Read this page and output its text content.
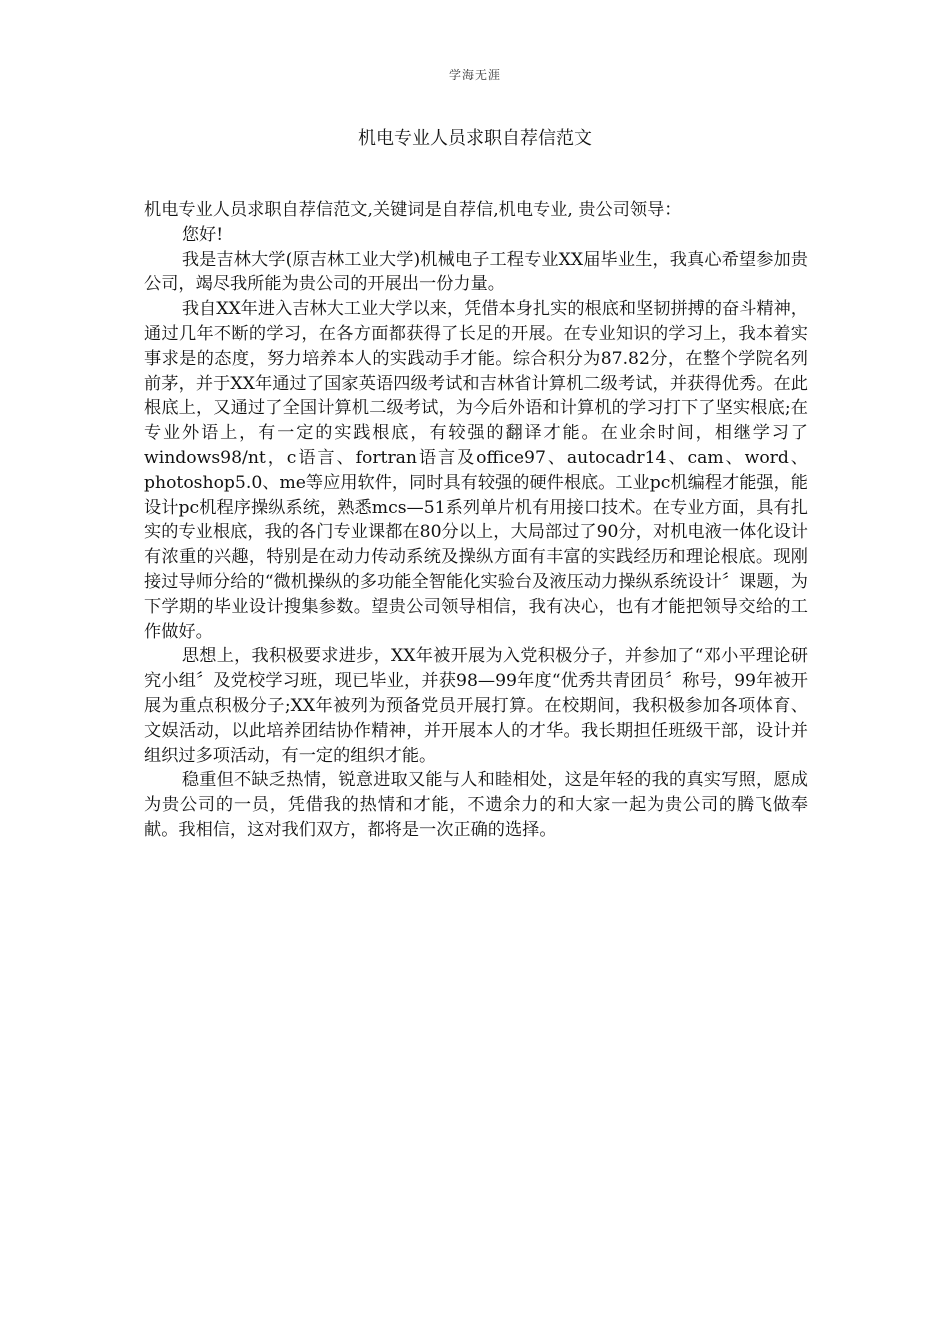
学海无涯
机电专业人员求职自荐信范文

机电专业人员求职自荐信范文,关键词是自荐信,机电专业, 贵公司领导：

您好!

我是吉林大学(原吉林工业大学)机械电子工程专业XX届毕业生，我真心希望参加贵公司，竭尽我所能为贵公司的开展出一份力量。

我自XX年进入吉林大工业大学以来，凭借本身扎实的根底和坚韧拼搏的奋斗精神，通过几年不断的学习，在各方面都获得了长足的开展。在专业知识的学习上，我本着实事求是的态度，努力培养本人的实践动手才能。综合积分为87.82分，在整个学院名列前茅，并于XX年通过了国家英语四级考试和吉林省计算机二级考试，并获得优秀。在此根底上，又通过了全国计算机二级考试，为今后外语和计算机的学习打下了坚实根底;在专业外语上，有一定的实践根底，有较强的翻译才能。在业余时间，相继学习了windows98/nt，c语言、fortran语言及office97、autocadr14、cam、word、photoshop5.0、me等应用软件，同时具有较强的硬件根底。工业pc机编程才能强，能设计pc机程序操纵系统，熟悉mcs—51系列单片机有用接口技术。在专业方面，具有扎实的专业根底，我的各门专业课都在80分以上，大局部过了90分，对机电液一体化设计有浓重的兴趣，特别是在动力传动系统及操纵方面有丰富的实践经历和理论根底。现刚接过导师分给的“微机操纵的多功能全智能化实验台及液压动力操纵系统设计〞课题，为下学期的毕业设计搜集参数。望贵公司领导相信，我有决心，也有才能把领导交给的工作做好。

思想上，我积极要求进步，XX年被开展为入党积极分子，并参加了“邓小平理论研究小组〞及党校学习班，现已毕业，并获98—99年度“优秀共青团员〞称号，99年被开展为重点积极分子;XX年被列为预备党员开展打算。在校期间，我积极参加各项体育、文娱活动，以此培养团结协作精神，并开展本人的才华。我长期担任班级干部，设计并组织过多项活动，有一定的组织才能。

稳重但不缺乏热情，锐意进取又能与人和睦相处，这是年轻的我的真实写照，愿成为贵公司的一员，凭借我的热情和才能，不遗余力的和大家一起为贵公司的腾飞做奉献。我相信，这对我们双方，都将是一次正确的选择。
